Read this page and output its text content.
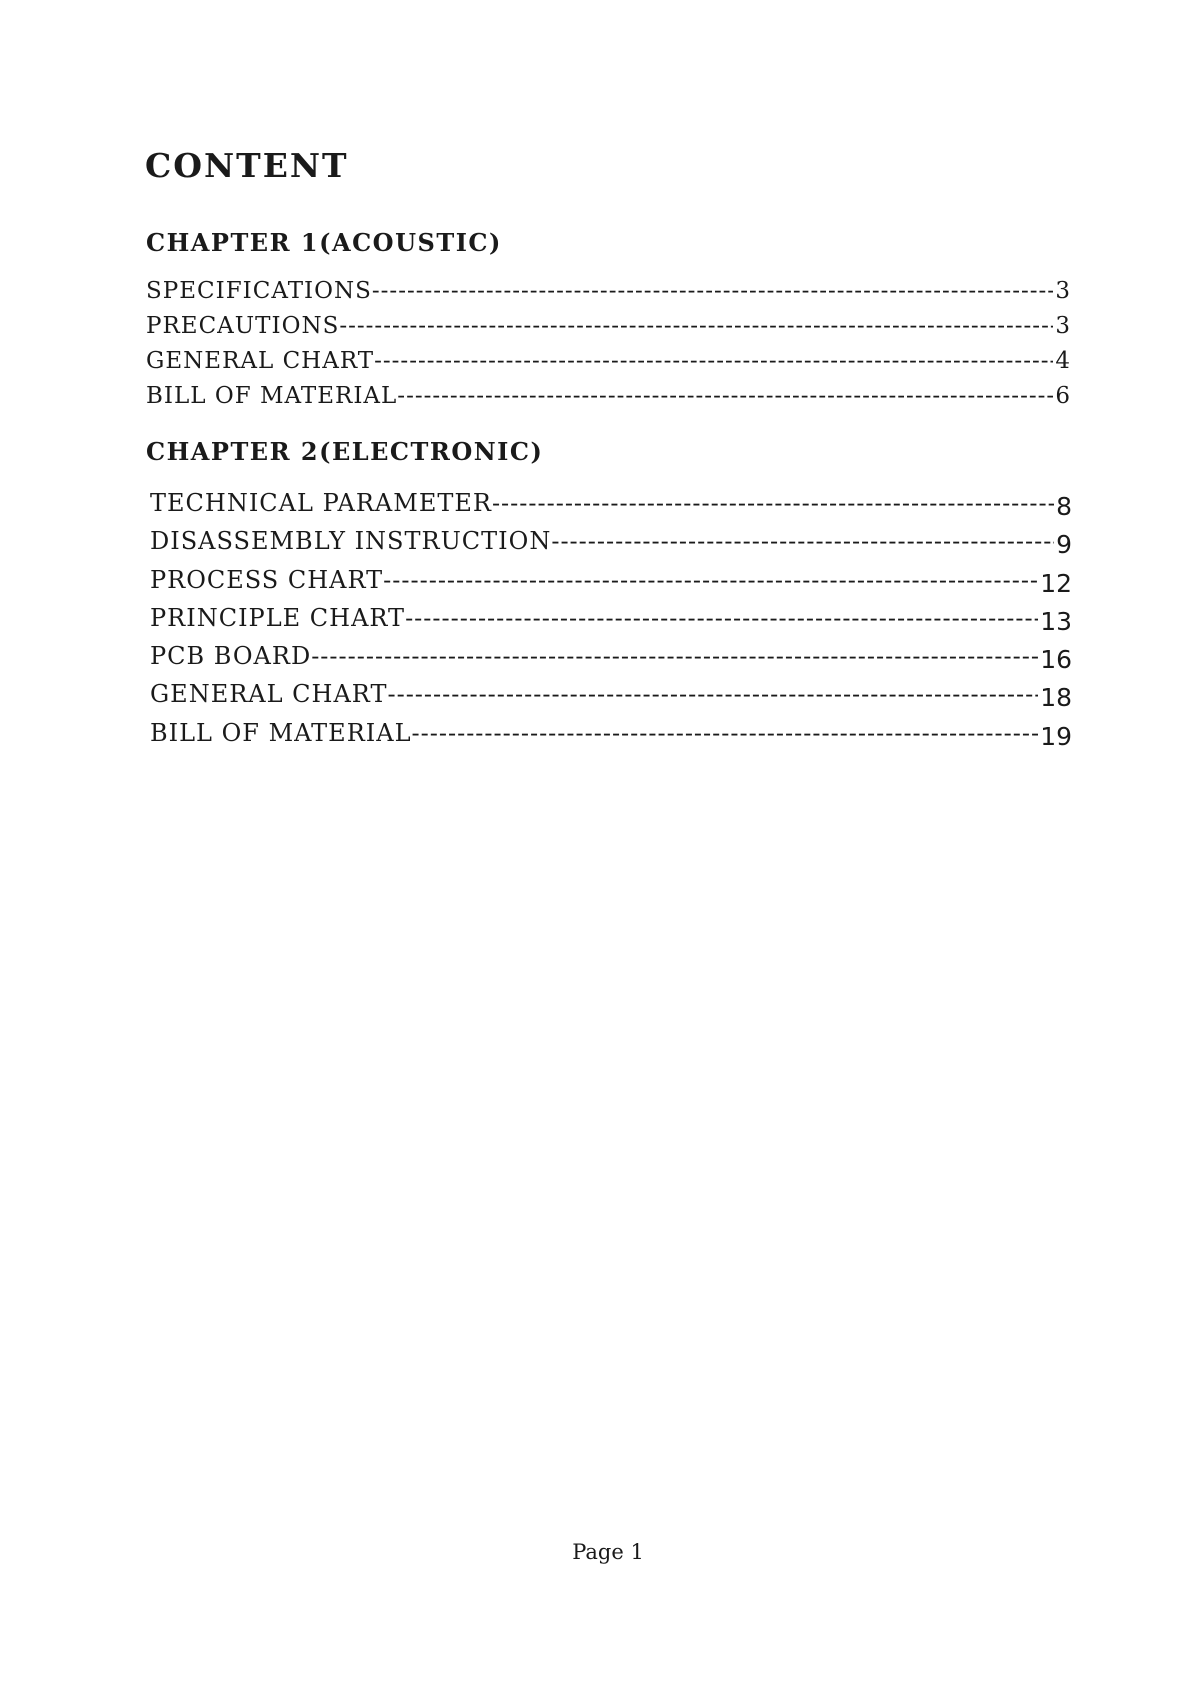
CONTENT
CHAPTER 1(ACOUSTIC)
SPECIFICATIONS -----	3
PRECAUTIONS -----	3
GENERAL CHART -----	4
BILL OF MATERIAL -----	6
CHAPTER 2(ELECTRONIC)
TECHNICAL PARAMETER -----	8
DISASSEMBLY INSTRUCTION -----	9
PROCESS CHART -----	12
PRINCIPLE CHART -----	13
PCB BOARD -----	16
GENERAL CHART -----	18
BILL OF MATERIAL -----	19
Page 1
